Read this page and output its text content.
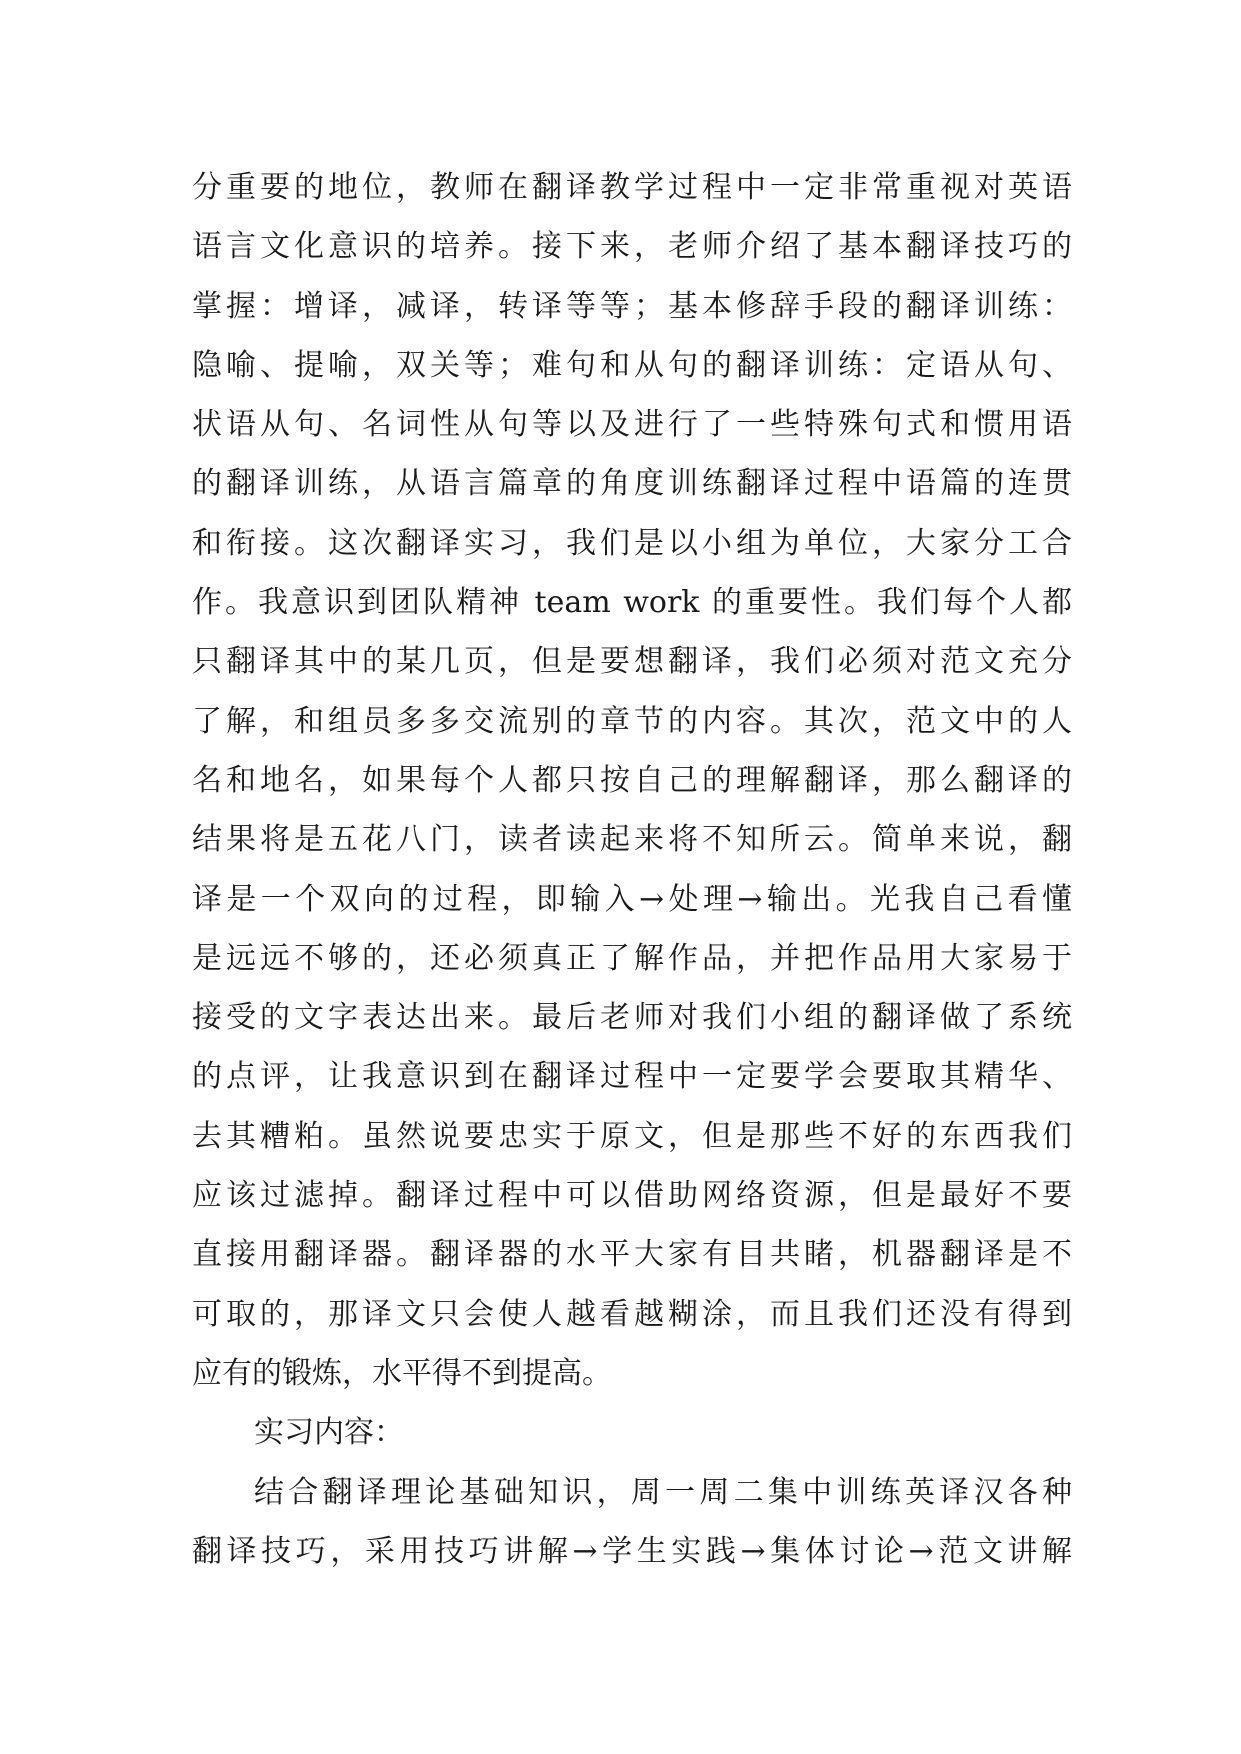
分重要的地位，教师在翻译教学过程中一定非常重视对英语
语言文化意识的培养。接下来，老师介绍了基本翻译技巧的
掌握：增译，减译，转译等等；基本修辞手段的翻译训练：
隐喻、提喻，双关等；难句和从句的翻译训练：定语从句、
状语从句、名词性从句等以及进行了一些特殊句式和惯用语
的翻译训练，从语言篇章的角度训练翻译过程中语篇的连贯
和衔接。这次翻译实习，我们是以小组为单位，大家分工合
作。我意识到团队精神 team work 的重要性。我们每个人都
只翻译其中的某几页，但是要想翻译，我们必须对范文充分
了解，和组员多多交流别的章节的内容。其次，范文中的人
名和地名，如果每个人都只按自己的理解翻译，那么翻译的
结果将是五花八门，读者读起来将不知所云。简单来说，翻
译是一个双向的过程，即输入→处理→输出。光我自己看懂
是远远不够的，还必须真正了解作品，并把作品用大家易于
接受的文字表达出来。最后老师对我们小组的翻译做了系统
的点评，让我意识到在翻译过程中一定要学会要取其精华、
去其糟粕。虽然说要忠实于原文，但是那些不好的东西我们
应该过滤掉。翻译过程中可以借助网络资源，但是最好不要
直接用翻译器。翻译器的水平大家有目共睹，机器翻译是不
可取的，那译文只会使人越看越糊涂，而且我们还没有得到
应有的锻炼，水平得不到提高。
实习内容：
结合翻译理论基础知识，周一周二集中训练英译汉各种
翻译技巧，采用技巧讲解→学生实践→集体讨论→范文讲解
